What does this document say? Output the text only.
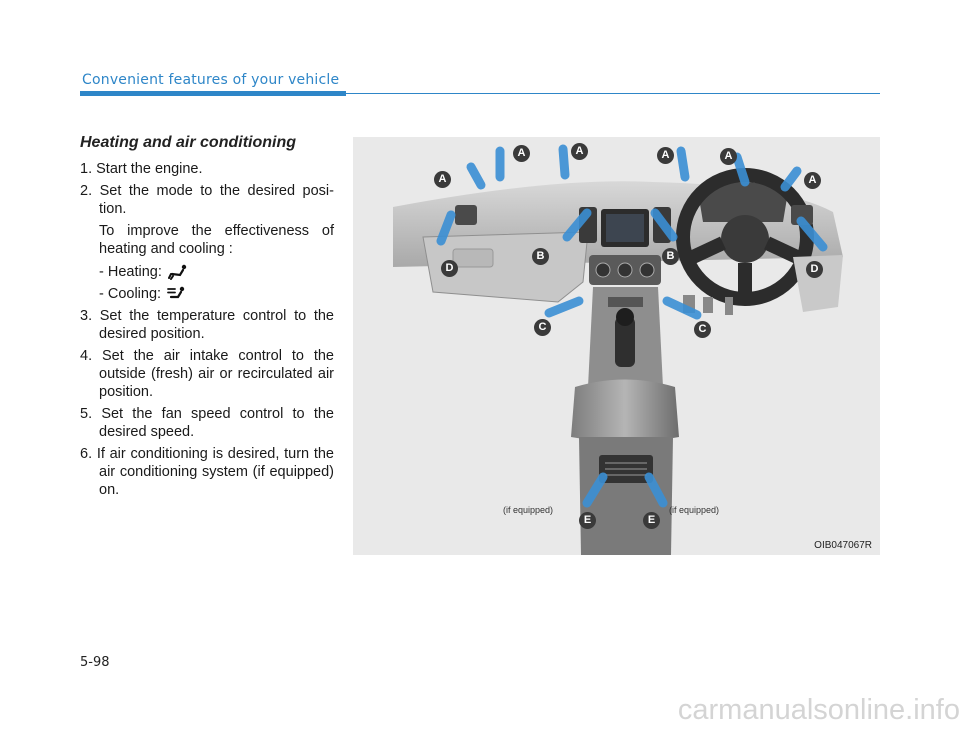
Convenient features of your vehicle
Heating and air conditioning

1. Start the engine.

2. Set the mode to the desired posi-tion.

To improve the effectiveness of heating and cooling :

- Heating:
- Cooling:

3. Set the temperature control to the desired position.

4. Set the air intake control to the outside (fresh) air or recirculated air position.

5. Set the fan speed control to the desired speed.

6. If air conditioning is desired, turn the air conditioning system (if equipped) on.

A
A	A	A	A
A
B	B
C	C
D	D
E	E
(if equipped)	(if equipped)
OIB047067R
5-98
carmanualsonline.info
